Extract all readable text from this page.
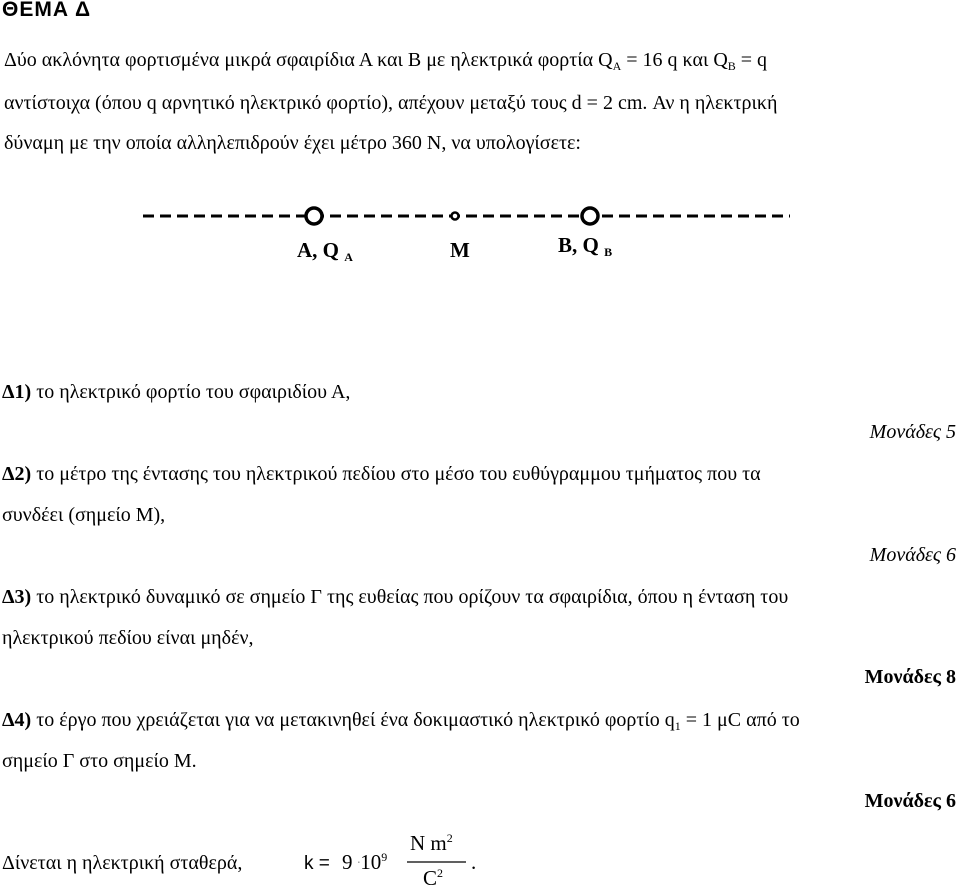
ΘΕΜΑ Δ
Δύο ακλόνητα φορτισμένα μικρά σφαιρίδια Α και Β με ηλεκτρικά φορτία $Q_A = 16$ q και $Q_B = q$
αντίστοιχα (όπου q αρνητικό ηλεκτρικό φορτίο), απέχουν μεταξύ τους d = 2 cm. Αν η ηλεκτρική
δύναμη με την οποία αλληλεπιδρούν έχει μέτρο 360 N, να υπολογίσετε:
Α, Q $_A$	Μ	Β, Q $_B$
Δ1) το ηλεκτρικό φορτίο του σφαιριδίου Α,
Μονάδες 5
Δ2) το μέτρο της έντασης του ηλεκτρικού πεδίου στο μέσο του ευθύγραμμου τμήματος που τα
συνδέει (σημείο Μ),
Μονάδες 6
Δ3) το ηλεκτρικό δυναμικό σε σημείο Γ της ευθείας που ορίζουν τα σφαιρίδια, όπου η ένταση του
ηλεκτρικού πεδίου είναι μηδέν,
Μονάδες 8
Δ4) το έργο που χρειάζεται για να μετακινηθεί ένα δοκιμαστικό ηλεκτρικό φορτίο $q_1 = 1$ μC από το
σημείο Γ στο σημείο Μ.
Μονάδες 6
Δίνεται η ηλεκτρική σταθερά,	$k = 9 \cdot 10^9$
N $m^2$
$C^2$ .
